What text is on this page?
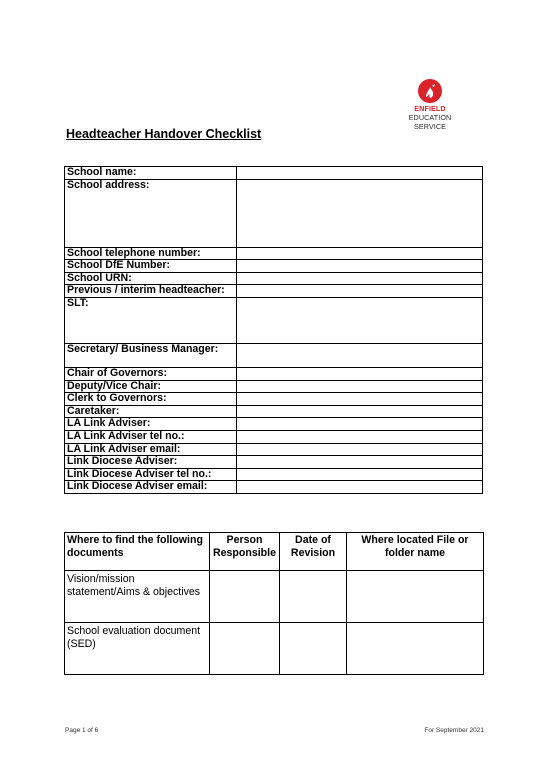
ENFIELD
EDUCATION
SERVICE
Headteacher Handover Checklist
School name:	
School address:	
School telephone number:	
School DfE Number:	
School URN:	
Previous / interim headteacher:	
SLT:	
Secretary/ Business Manager:	
Chair of Governors:	
Deputy/Vice Chair:	
Clerk to Governors:	
Caretaker:	
LA Link Adviser:	
LA Link Adviser tel no.:	
LA Link Adviser email:	
Link Diocese Adviser:	
Link Diocese Adviser tel no.:	
Link Diocese Adviser email:	
Where to find the following documents	Person Responsible	Date of Revision	Where located File or folder name
Vision/mission statement/Aims & objectives			
School evaluation document (SED)			
Page 1 of 6	For September 2021
